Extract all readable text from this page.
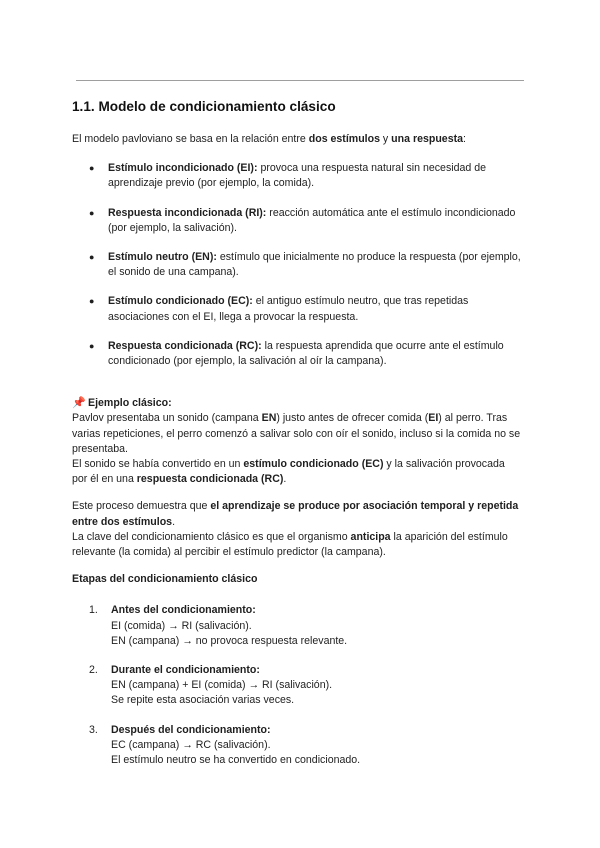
1.1. Modelo de condicionamiento clásico

El modelo pavloviano se basa en la relación entre dos estímulos y una respuesta:

● Estímulo incondicionado (EI): provoca una respuesta natural sin necesidad de aprendizaje previo (por ejemplo, la comida).
● Respuesta incondicionada (RI): reacción automática ante el estímulo incondicionado (por ejemplo, la salivación).
● Estímulo neutro (EN): estímulo que inicialmente no produce la respuesta (por ejemplo, el sonido de una campana).
● Estímulo condicionado (EC): el antiguo estímulo neutro, que tras repetidas asociaciones con el EI, llega a provocar la respuesta.
● Respuesta condicionada (RC): la respuesta aprendida que ocurre ante el estímulo condicionado (por ejemplo, la salivación al oír la campana).

📌 Ejemplo clásico:

Pavlov presentaba un sonido (campana EN) justo antes de ofrecer comida (EI) al perro. Tras varias repeticiones, el perro comenzó a salivar solo con oír el sonido, incluso si la comida no se presentaba.

El sonido se había convertido en un estímulo condicionado (EC) y la salivación provocada por él en una respuesta condicionada (RC).

Este proceso demuestra que el aprendizaje se produce por asociación temporal y repetida entre dos estímulos.

La clave del condicionamiento clásico es que el organismo anticipa la aparición del estímulo relevante (la comida) al percibir el estímulo predictor (la campana).

Etapas del condicionamiento clásico

1. Antes del condicionamiento:
EI (comida) → RI (salivación).
EN (campana) → no provoca respuesta relevante.
2. Durante el condicionamiento:
EN (campana) + EI (comida) → RI (salivación).
Se repite esta asociación varias veces.
3. Después del condicionamiento:
EC (campana) → RC (salivación).
El estímulo neutro se ha convertido en condicionado.
